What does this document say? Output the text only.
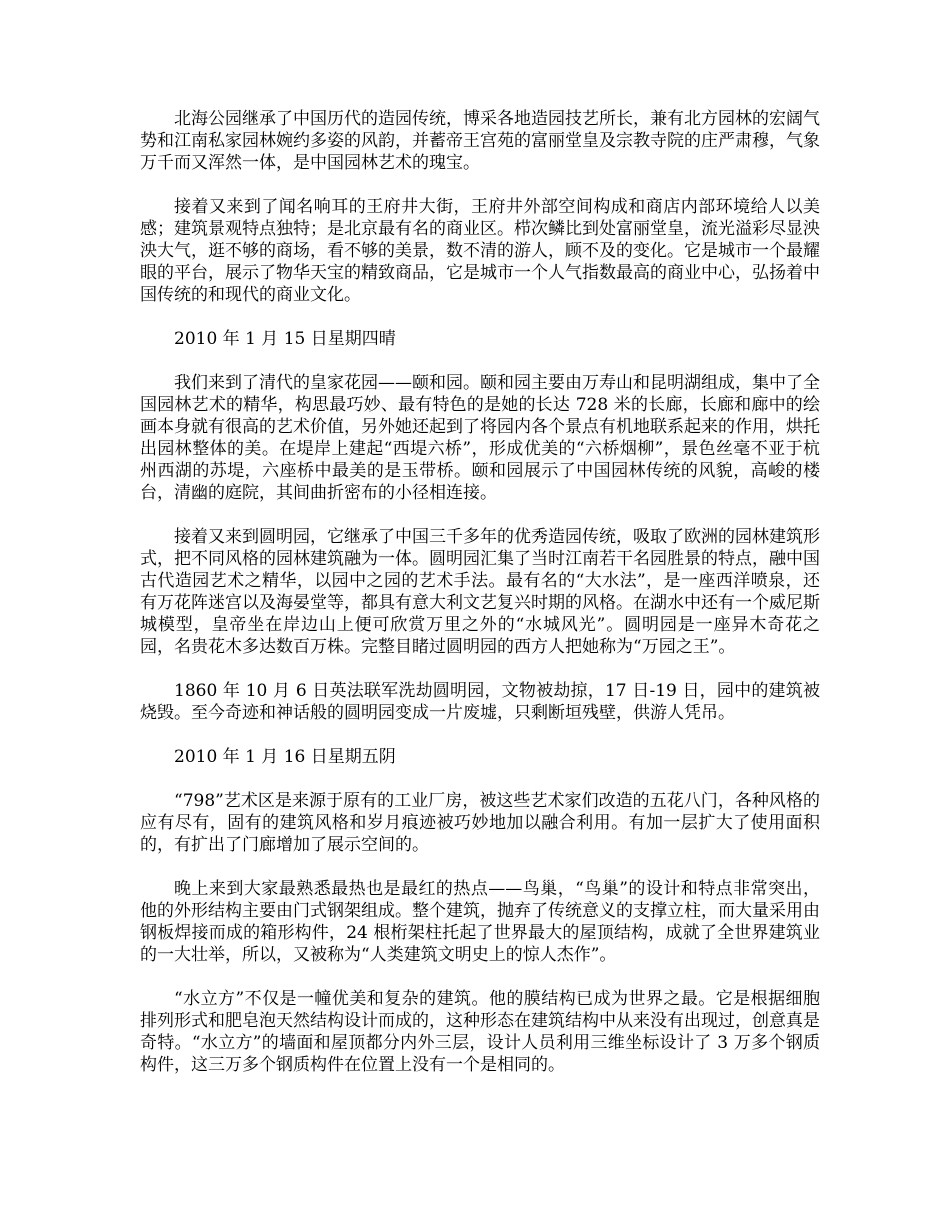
北海公园继承了中国历代的造园传统，博采各地造园技艺所长，兼有北方园林的宏阔气势和江南私家园林婉约多姿的风韵，并蓄帝王宫苑的富丽堂皇及宗教寺院的庄严肃穆，气象万千而又浑然一体，是中国园林艺术的瑰宝。

接着又来到了闻名响耳的王府井大街，王府井外部空间构成和商店内部环境给人以美感；建筑景观特点独特；是北京最有名的商业区。栉次鳞比到处富丽堂皇，流光溢彩尽显泱泱大气，逛不够的商场，看不够的美景，数不清的游人，顾不及的变化。它是城市一个最耀眼的平台，展示了物华天宝的精致商品，它是城市一个人气指数最高的商业中心，弘扬着中国传统的和现代的商业文化。

2010 年 1 月 15 日星期四晴

我们来到了清代的皇家花园——颐和园。颐和园主要由万寿山和昆明湖组成，集中了全国园林艺术的精华，构思最巧妙、最有特色的是她的长达 728 米的长廊，长廊和廊中的绘画本身就有很高的艺术价值，另外她还起到了将园内各个景点有机地联系起来的作用，烘托出园林整体的美。在堤岸上建起“西堤六桥”，形成优美的“六桥烟柳”，景色丝毫不亚于杭州西湖的苏堤，六座桥中最美的是玉带桥。颐和园展示了中国园林传统的风貌，高峻的楼台，清幽的庭院，其间曲折密布的小径相连接。

接着又来到圆明园，它继承了中国三千多年的优秀造园传统，吸取了欧洲的园林建筑形式，把不同风格的园林建筑融为一体。圆明园汇集了当时江南若干名园胜景的特点，融中国古代造园艺术之精华，以园中之园的艺术手法。最有名的“大水法”，是一座西洋喷泉，还有万花阵迷宫以及海晏堂等，都具有意大利文艺复兴时期的风格。在湖水中还有一个威尼斯城模型，皇帝坐在岸边山上便可欣赏万里之外的“水城风光”。圆明园是一座异木奇花之园，名贵花木多达数百万株。完整目睹过圆明园的西方人把她称为“万园之王”。

1860 年 10 月 6 日英法联军洗劫圆明园，文物被劫掠，17 日-19 日，园中的建筑被烧毁。至今奇迹和神话般的圆明园变成一片废墟，只剩断垣残壁，供游人凭吊。

2010 年 1 月 16 日星期五阴

“798”艺术区是来源于原有的工业厂房，被这些艺术家们改造的五花八门，各种风格的应有尽有，固有的建筑风格和岁月痕迹被巧妙地加以融合利用。有加一层扩大了使用面积的，有扩出了门廊增加了展示空间的。

晚上来到大家最熟悉最热也是最红的热点——鸟巢，“鸟巢”的设计和特点非常突出，他的外形结构主要由门式钢架组成。整个建筑，抛弃了传统意义的支撑立柱，而大量采用由钢板焊接而成的箱形构件，24 根桁架柱托起了世界最大的屋顶结构，成就了全世界建筑业的一大壮举，所以，又被称为“人类建筑文明史上的惊人杰作”。

“水立方”不仅是一幢优美和复杂的建筑。他的膜结构已成为世界之最。它是根据细胞排列形式和肥皂泡天然结构设计而成的，这种形态在建筑结构中从来没有出现过，创意真是奇特。“水立方”的墙面和屋顶都分内外三层，设计人员利用三维坐标设计了 3 万多个钢质构件，这三万多个钢质构件在位置上没有一个是相同的。
